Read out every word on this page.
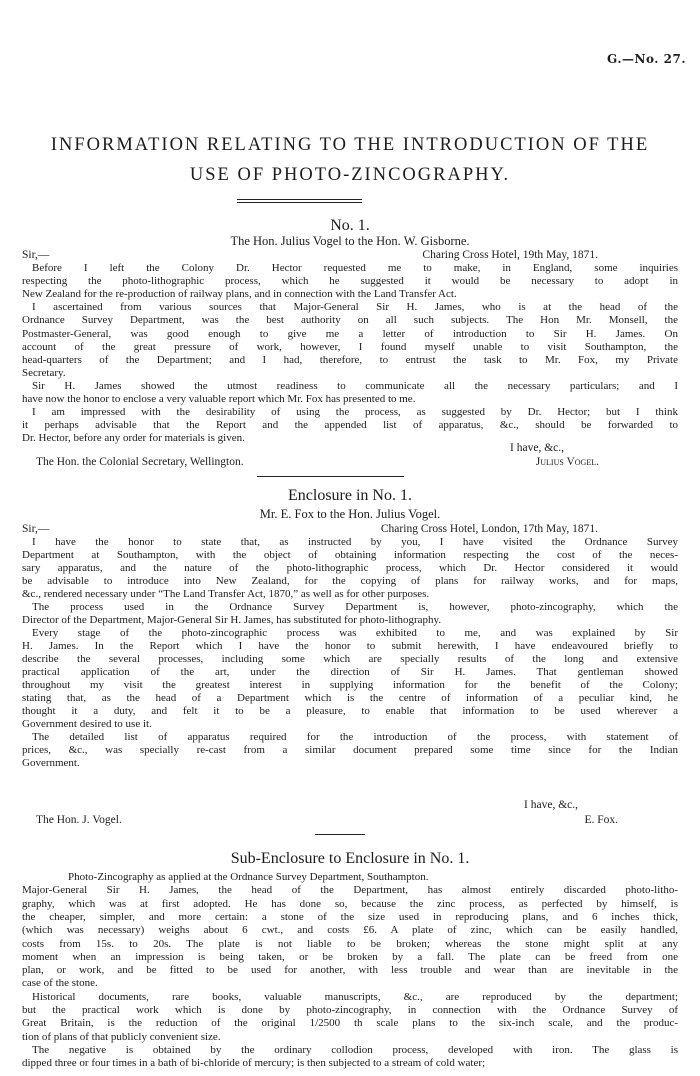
G.—No. 27.
INFORMATION RELATING TO THE INTRODUCTION OF THE
USE OF PHOTO-ZINCOGRAPHY.
No. 1.
The Hon. Julius Vogel to the Hon. W. Gisborne.
Sir,—	Charing Cross Hotel, 19th May, 1871.
Before I left the Colony Dr. Hector requested me to make, in England, some inquiries
respecting the photo-lithographic process, which he suggested it would be necessary to adopt in
New Zealand for the re-production of railway plans, and in connection with the Land Transfer Act.
I ascertained from various sources that Major-General Sir H. James, who is at the head of the
Ordnance Survey Department, was the best authority on all such subjects. The Hon Mr. Monsell, the
Postmaster-General, was good enough to give me a letter of introduction to Sir H. James. On
account of the great pressure of work, however, I found myself unable to visit Southampton, the
head-quarters of the Department; and I had, therefore, to entrust the task to Mr. Fox, my Private
Secretary.
Sir H. James showed the utmost readiness to communicate all the necessary particulars; and I
have now the honor to enclose a very valuable report which Mr. Fox has presented to me.
I am impressed with the desirability of using the process, as suggested by Dr. Hector; but I think
it perhaps advisable that the Report and the appended list of apparatus, &c., should be forwarded to
Dr. Hector, before any order for materials is given.
I have, &c.,
The Hon. the Colonial Secretary, Wellington.	Julius Vogel.
Enclosure in No. 1.
Mr. E. Fox to the Hon. Julius Vogel.
Sir,—	Charing Cross Hotel, London, 17th May, 1871.
I have the honor to state that, as instructed by you, I have visited the Ordnance Survey
Department at Southampton, with the object of obtaining information respecting the cost of the neces-
sary apparatus, and the nature of the photo-lithographic process, which Dr. Hector considered it would
be advisable to introduce into New Zealand, for the copying of plans for railway works, and for maps,
&c., rendered necessary under “The Land Transfer Act, 1870,” as well as for other purposes.
The process used in the Ordnance Survey Department is, however, photo-zincography, which the
Director of the Department, Major-General Sir H. James, has substituted for photo-lithography.
Every stage of the photo-zincographic process was exhibited to me, and was explained by Sir
H. James. In the Report which I have the honor to submit herewith, I have endeavoured briefly to
describe the several processes, including some which are specially results of the long and extensive
practical application of the art, under the direction of Sir H. James. That gentleman showed
throughout my visit the greatest interest in supplying information for the benefit of the Colony;
stating that, as the head of a Department which is the centre of information of a peculiar kind, he
thought it a duty, and felt it to be a pleasure, to enable that information to be used wherever a
Government desired to use it.
The detailed list of apparatus required for the introduction of the process, with statement of
prices, &c., was specially re-cast from a similar document prepared some time since for the Indian
Government.
I have, &c.,
The Hon. J. Vogel.	E. Fox.
Sub-Enclosure to Enclosure in No. 1.
Photo-Zincography as applied at the Ordnance Survey Department, Southampton.
Major-General Sir H. James, the head of the Department, has almost entirely discarded photo-litho-
graphy, which was at first adopted. He has done so, because the zinc process, as perfected by himself, is
the cheaper, simpler, and more certain: a stone of the size used in reproducing plans, and 6 inches thick,
(which was necessary) weighs about 6 cwt., and costs £6. A plate of zinc, which can be easily handled,
costs from 15s. to 20s. The plate is not liable to be broken; whereas the stone might split at any
moment when an impression is being taken, or be broken by a fall. The plate can be freed from one
plan, or work, and be fitted to be used for another, with less trouble and wear than are inevitable in the
case of the stone.
Historical documents, rare books, valuable manuscripts, &c., are reproduced by the department;
but the practical work which is done by photo-zincography, in connection with the Ordnance Survey of
Great Britain, is the reduction of the original 1/2500 th scale plans to the six-inch scale, and the produc-
tion of plans of that publicly convenient size.
The negative is obtained by the ordinary collodion process, developed with iron. The glass is
dipped three or four times in a bath of bi-chloride of mercury; is then subjected to a stream of cold water;
